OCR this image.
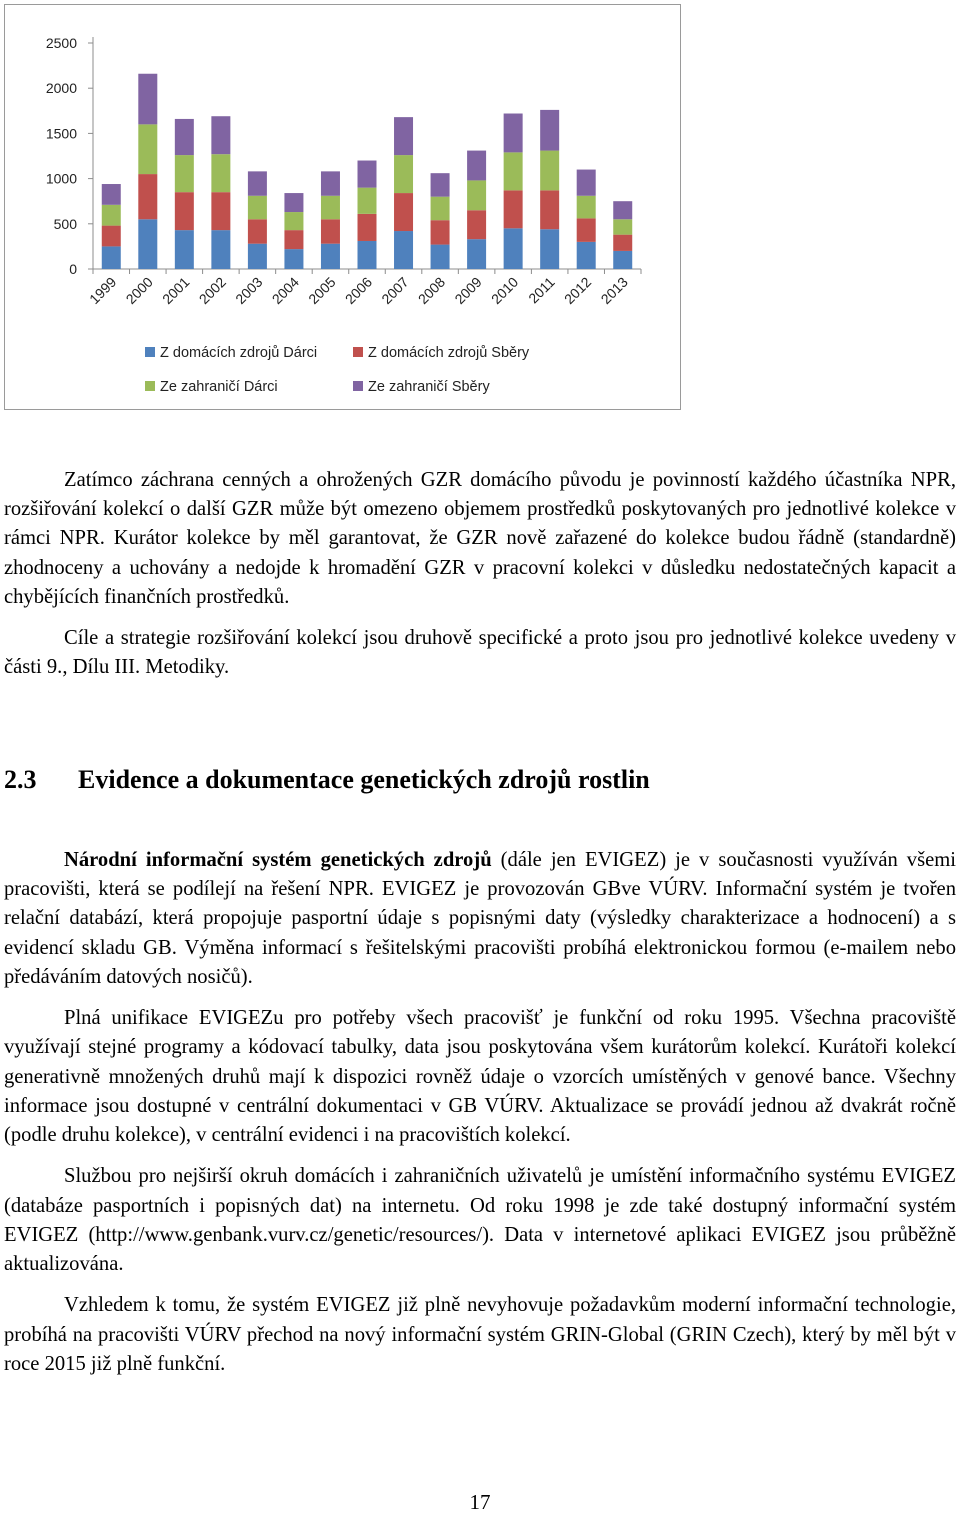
0
500
1000
1500
2000
2500
1999 2000 2001 2002 2003 2004 2005 2006 2007 2008 2009 2010 2011 2012 2013
Z domácích zdrojů Dárci	Z domácích zdrojů Sběry
Ze zahraničí Dárci	Ze zahraničí Sběry

Zatímco záchrana cenných a ohrožených GZR domácího původu je povinností každého účastníka NPR, rozšiřování kolekcí o další GZR může být omezeno objemem prostředků poskytovaných pro jednotlivé kolekce v rámci NPR. Kurátor kolekce by měl garantovat, že GZR nově zařazené do kolekce budou řádně (standardně) zhodnoceny a uchovány a nedojde k hromadění GZR v pracovní kolekci v důsledku nedostatečných kapacit a chybějících finančních prostředků.

Cíle a strategie rozšiřování kolekcí jsou druhově specifické a proto jsou pro jednotlivé kolekce uvedeny v části 9., Dílu III. Metodiky.

2.3 Evidence a dokumentace genetických zdrojů rostlin

Národní informační systém genetických zdrojů (dále jen EVIGEZ) je v současnosti využíván všemi pracovišti, která se podílejí na řešení NPR. EVIGEZ je provozován GBve VÚRV. Informační systém je tvořen relační databází, která propojuje pasportní údaje s popisnými daty (výsledky charakterizace a hodnocení) a s evidencí skladu GB. Výměna informací s řešitelskými pracovišti probíhá elektronickou formou (e-mailem nebo předáváním datových nosičů).

Plná unifikace EVIGEZu pro potřeby všech pracovišť je funkční od roku 1995. Všechna pracoviště využívají stejné programy a kódovací tabulky, data jsou poskytována všem kurátorům kolekcí. Kurátoři kolekcí generativně množených druhů mají k dispozici rovněž údaje o vzorcích umístěných v genové bance. Všechny informace jsou dostupné v centrální dokumentaci v GB VÚRV. Aktualizace se provádí jednou až dvakrát ročně (podle druhu kolekce), v centrální evidenci i na pracovištích kolekcí.

Službou pro nejširší okruh domácích i zahraničních uživatelů je umístění informačního systému EVIGEZ (databáze pasportních i popisných dat) na internetu. Od roku 1998 je zde také dostupný informační systém EVIGEZ (http://www.genbank.vurv.cz/genetic/resources/). Data v internetové aplikaci EVIGEZ jsou průběžně aktualizována.

Vzhledem k tomu, že systém EVIGEZ již plně nevyhovuje požadavkům moderní informační technologie, probíhá na pracovišti VÚRV přechod na nový informační systém GRIN-Global (GRIN Czech), který by měl být v roce 2015 již plně funkční.

17
